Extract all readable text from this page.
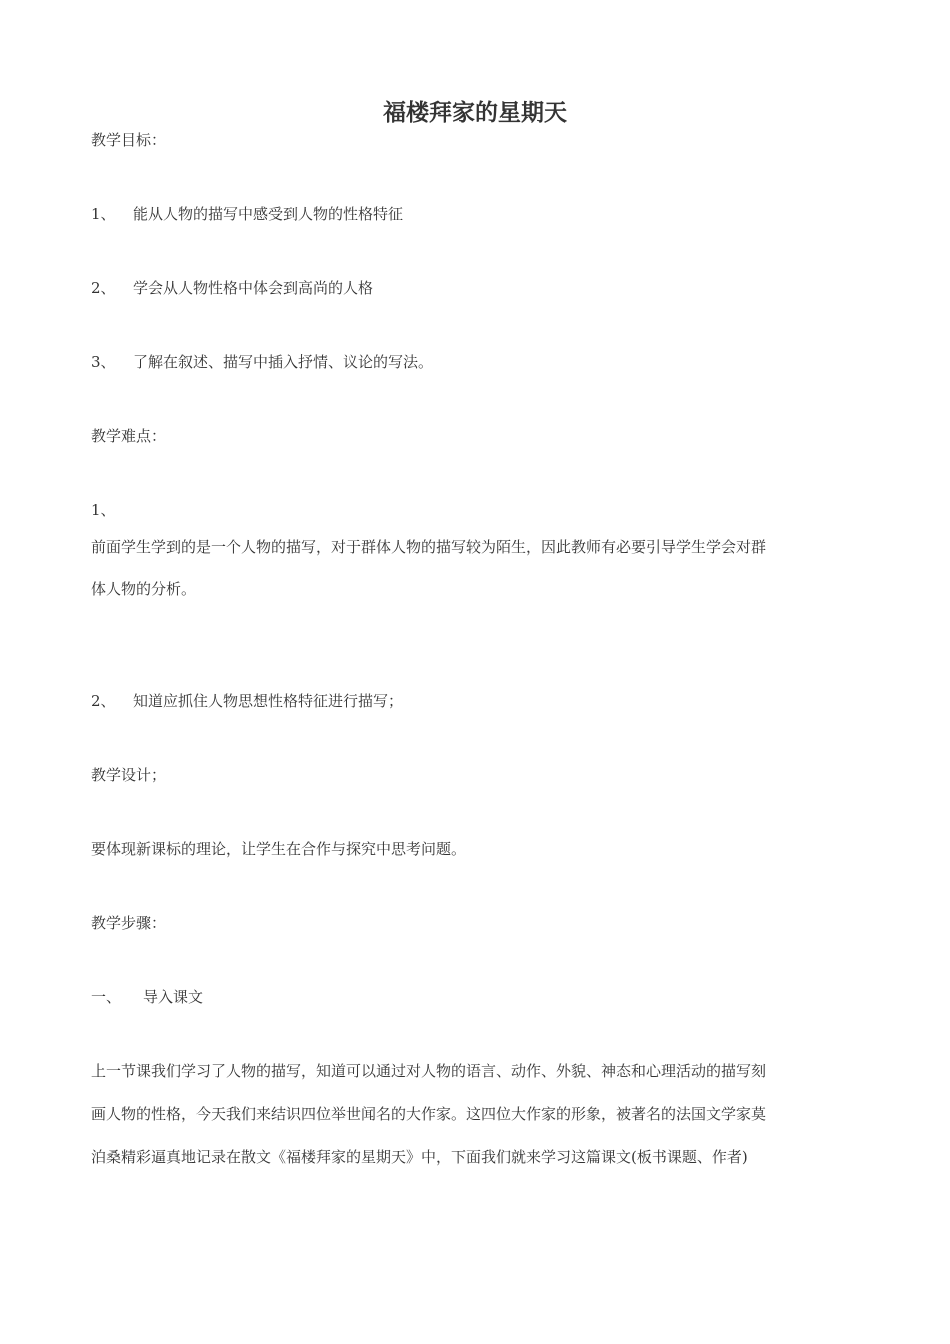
福楼拜家的星期天

教学目标：

1、 能从人物的描写中感受到人物的性格特征

2、 学会从人物性格中体会到高尚的人格

3、 了解在叙述、描写中插入抒情、议论的写法。

教学难点：

1、

前面学生学到的是一个人物的描写，对于群体人物的描写较为陌生，因此教师有必要引导学生学会对群

体人物的分析。

2、 知道应抓住人物思想性格特征进行描写；

教学设计；

要体现新课标的理论，让学生在合作与探究中思考问题。

教学步骤：

一、 导入课文

上一节课我们学习了人物的描写，知道可以通过对人物的语言、动作、外貌、神态和心理活动的描写刻

画人物的性格，今天我们来结识四位举世闻名的大作家。这四位大作家的形象，被著名的法国文学家莫

泊桑精彩逼真地记录在散文《福楼拜家的星期天》中，下面我们就来学习这篇课文(板书课题、作者)
